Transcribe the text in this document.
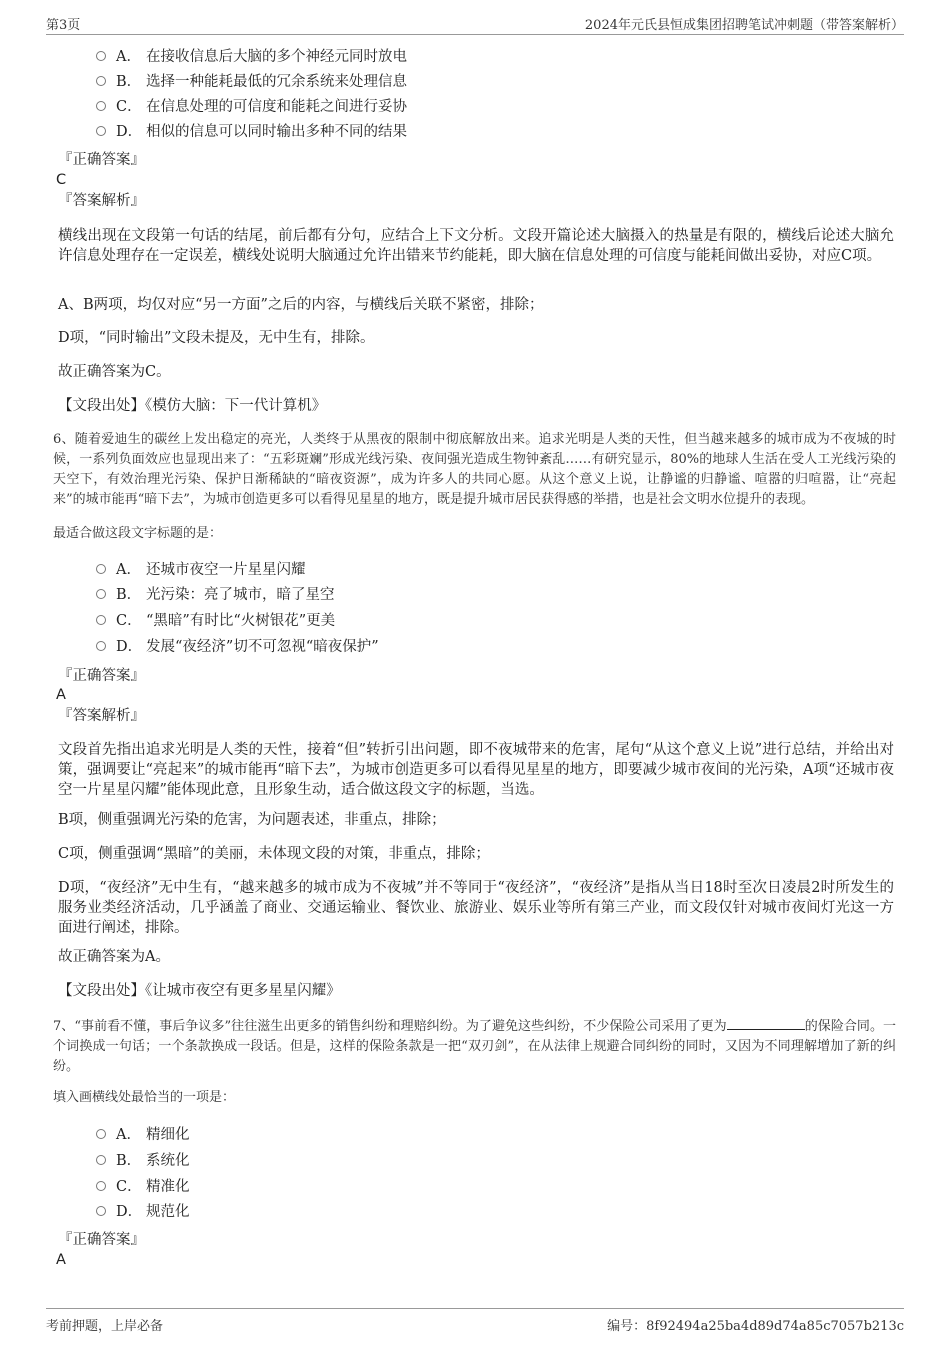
第3页	2024年元氏县恒成集团招聘笔试冲刺题（带答案解析）
A． 在接收信息后大脑的多个神经元同时放电
B． 选择一种能耗最低的冗余系统来处理信息
C． 在信息处理的可信度和能耗之间进行妥协
D． 相似的信息可以同时输出多种不同的结果
『正确答案』
C
『答案解析』
横线出现在文段第一句话的结尾，前后都有分句，应结合上下文分析。文段开篇论述大脑摄入的热量是有限的，横线后论述大脑允许信息处理存在一定误差，横线处说明大脑通过允许出错来节约能耗，即大脑在信息处理的可信度与能耗间做出妥协，对应C项。
A、B两项，均仅对应“另一方面”之后的内容，与横线后关联不紧密，排除；
D项，“同时输出”文段未提及，无中生有，排除。
故正确答案为C。
【文段出处】《模仿大脑：下一代计算机》
6、随着爱迪生的碳丝上发出稳定的亮光，人类终于从黑夜的限制中彻底解放出来。追求光明是人类的天性，但当越来越多的城市成为不夜城的时候，一系列负面效应也显现出来了：“五彩斑斓”形成光线污染、夜间强光造成生物钟紊乱……有研究显示，80%的地球人生活在受人工光线污染的天空下，有效治理光污染、保护日渐稀缺的“暗夜资源”，成为许多人的共同心愿。从这个意义上说，让静谧的归静谧、喧嚣的归喧嚣，让“亮起来”的城市能再“暗下去”，为城市创造更多可以看得见星星的地方，既是提升城市居民获得感的举措，也是社会文明水位提升的表现。
最适合做这段文字标题的是：
A． 还城市夜空一片星星闪耀
B． 光污染：亮了城市，暗了星空
C． “黑暗”有时比“火树银花”更美
D． 发展“夜经济”切不可忽视“暗夜保护”
『正确答案』
A
『答案解析』
文段首先指出追求光明是人类的天性，接着“但”转折引出问题，即不夜城带来的危害，尾句“从这个意义上说”进行总结，并给出对策，强调要让“亮起来”的城市能再“暗下去”，为城市创造更多可以看得见星星的地方，即要减少城市夜间的光污染，A项“还城市夜空一片星星闪耀”能体现此意，且形象生动，适合做这段文字的标题，当选。
B项，侧重强调光污染的危害，为问题表述，非重点，排除；
C项，侧重强调“黑暗”的美丽，未体现文段的对策，非重点，排除；
D项，“夜经济”无中生有，“越来越多的城市成为不夜城”并不等同于“夜经济”，“夜经济”是指从当日18时至次日凌晨2时所发生的服务业类经济活动，几乎涵盖了商业、交通运输业、餐饮业、旅游业、娱乐业等所有第三产业，而文段仅针对城市夜间灯光这一方面进行阐述，排除。
故正确答案为A。
【文段出处】《让城市夜空有更多星星闪耀》
7、“事前看不懂，事后争议多”往往滋生出更多的销售纠纷和理赔纠纷。为了避免这些纠纷，不少保险公司采用了更为	的保险合同。一个词换成一句话；一个条款换成一段话。但是，这样的保险条款是一把“双刃剑”，在从法律上规避合同纠纷的同时，又因为不同理解增加了新的纠纷。
填入画横线处最恰当的一项是：
A． 精细化
B． 系统化
C． 精准化
D． 规范化
『正确答案』
A
考前押题，上岸必备	编号：8f92494a25ba4d89d74a85c7057b213c
